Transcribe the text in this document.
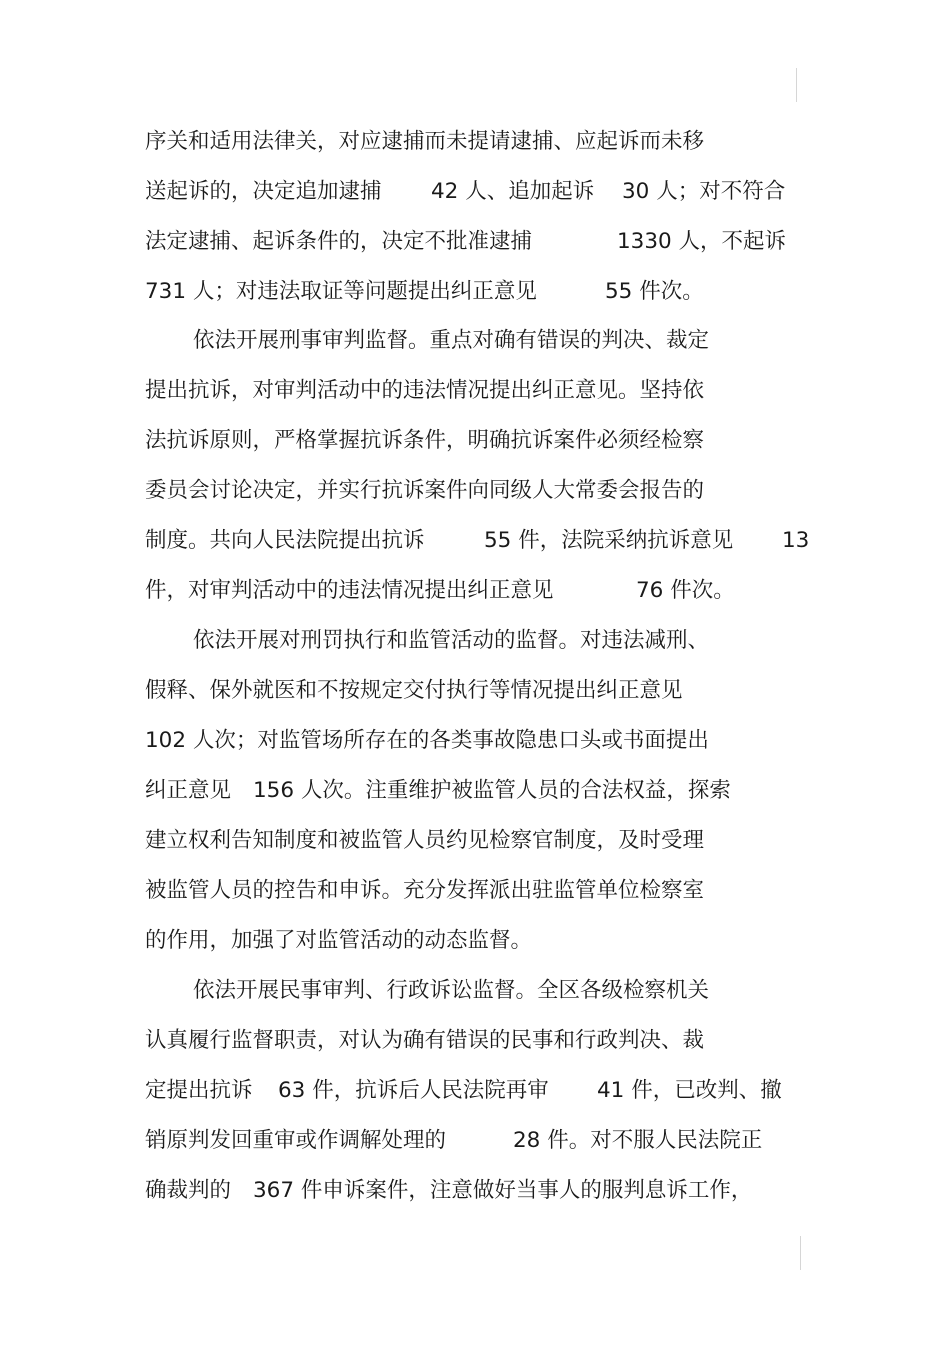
序关和适用法律关，对应逮捕而未提请逮捕、应起诉而未移
送起诉的，决定追加逮捕 42 人、追加起诉 30 人；对不符合
法定逮捕、起诉条件的，决定不批准逮捕	1330 人，不起诉
731 人；对违法取证等问题提出纠正意见	55 件次。
依法开展刑事审判监督。重点对确有错误的判决、裁定
提出抗诉，对审判活动中的违法情况提出纠正意见。坚持依
法抗诉原则，严格掌握抗诉条件，明确抗诉案件必须经检察
委员会讨论决定，并实行抗诉案件向同级人大常委会报告的
制度。共向人民法院提出抗诉	55 件，法院采纳抗诉意见 13
件，对审判活动中的违法情况提出纠正意见	76 件次。
依法开展对刑罚执行和监管活动的监督。对违法减刑、
假释、保外就医和不按规定交付执行等情况提出纠正意见
102 人次；对监管场所存在的各类事故隐患口头或书面提出
纠正意见 156 人次。注重维护被监管人员的合法权益，探索
建立权利告知制度和被监管人员约见检察官制度，及时受理
被监管人员的控告和申诉。充分发挥派出驻监管单位检察室
的作用，加强了对监管活动的动态监督。
依法开展民事审判、行政诉讼监督。全区各级检察机关
认真履行监督职责，对认为确有错误的民事和行政判决、裁
定提出抗诉 63 件，抗诉后人民法院再审 41 件，已改判、撤
销原判发回重审或作调解处理的	28 件。对不服人民法院正
确裁判的 367 件申诉案件，注意做好当事人的服判息诉工作，
